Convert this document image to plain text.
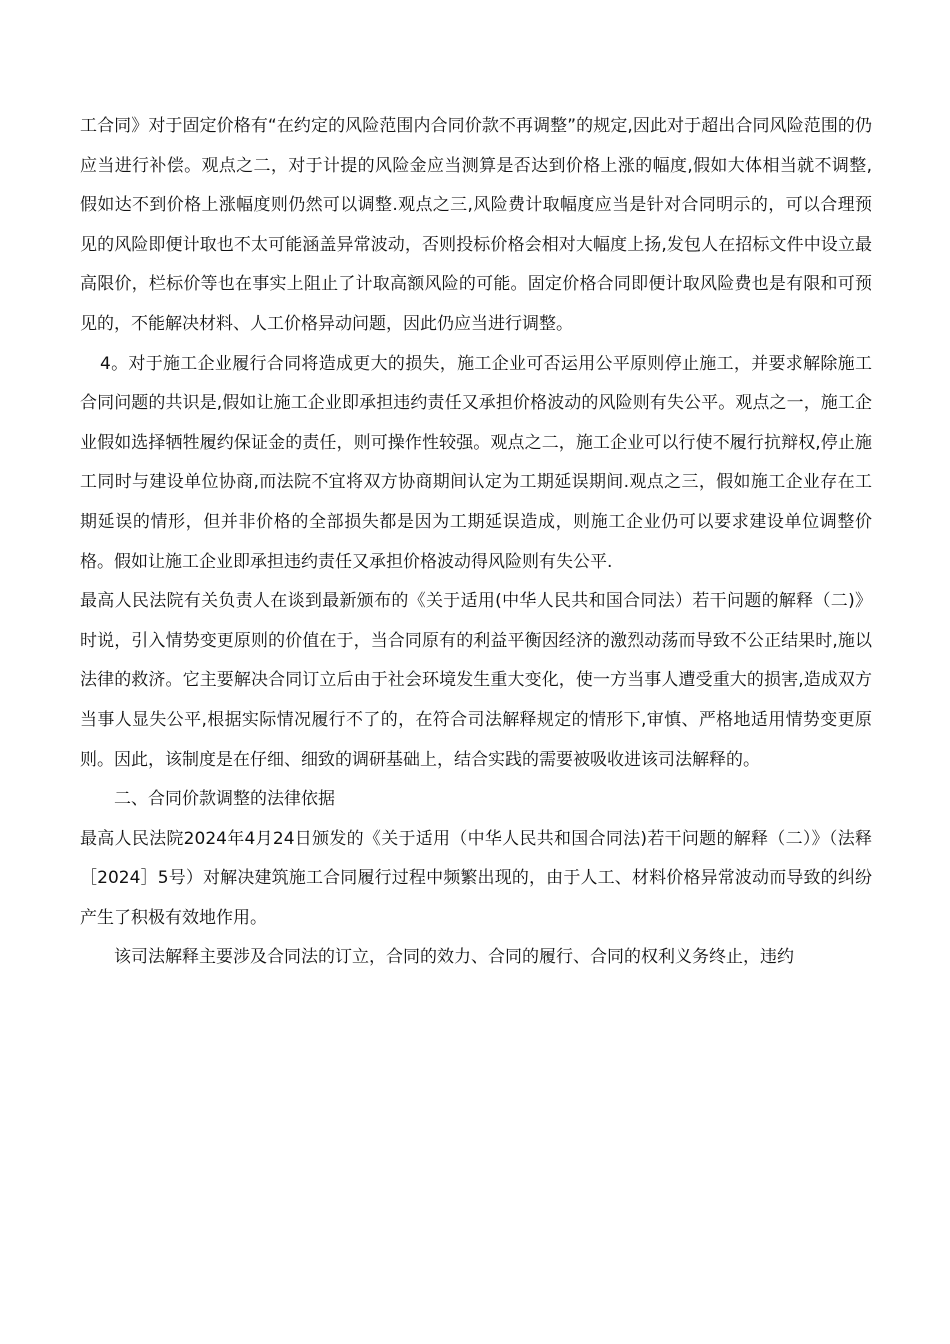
工合同》对于固定价格有“在约定的风险范围内合同价款不再调整”的规定,因此对于超出合同风险范围的仍应当进行补偿。观点之二，对于计提的风险金应当测算是否达到价格上涨的幅度,假如大体相当就不调整,假如达不到价格上涨幅度则仍然可以调整.观点之三,风险费计取幅度应当是针对合同明示的，可以合理预见的风险即便计取也不太可能涵盖异常波动，否则投标价格会相对大幅度上扬,发包人在招标文件中设立最高限价，栏标价等也在事实上阻止了计取高额风险的可能。固定价格合同即便计取风险费也是有限和可预见的，不能解决材料、人工价格异动问题，因此仍应当进行调整。

4。对于施工企业履行合同将造成更大的损失，施工企业可否运用公平原则停止施工，并要求解除施工合同问题的共识是,假如让施工企业即承担违约责任又承担价格波动的风险则有失公平。观点之一，施工企业假如选择牺牲履约保证金的责任，则可操作性较强。观点之二，施工企业可以行使不履行抗辩权,停止施工同时与建设单位协商,而法院不宜将双方协商期间认定为工期延误期间.观点之三，假如施工企业存在工期延误的情形，但并非价格的全部损失都是因为工期延误造成，则施工企业仍可以要求建设单位调整价格。假如让施工企业即承担违约责任又承担价格波动得风险则有失公平.

最高人民法院有关负责人在谈到最新颁布的《关于适用(中华人民共和国合同法）若干问题的解释（二)》时说，引入情势变更原则的价值在于，当合同原有的利益平衡因经济的激烈动荡而导致不公正结果时,施以法律的救济。它主要解决合同订立后由于社会环境发生重大变化，使一方当事人遭受重大的损害,造成双方当事人显失公平,根据实际情况履行不了的，在符合司法解释规定的情形下,审慎、严格地适用情势变更原则。因此，该制度是在仔细、细致的调研基础上，结合实践的需要被吸收进该司法解释的。

二、合同价款调整的法律依据

最高人民法院2024年4月24日颁发的《关于适用（中华人民共和国合同法)若干问题的解释（二）》（法释［2024］5号）对解决建筑施工合同履行过程中频繁出现的，由于人工、材料价格异常波动而导致的纠纷产生了积极有效地作用。

该司法解释主要涉及合同法的订立，合同的效力、合同的履行、合同的权利义务终止，违约
